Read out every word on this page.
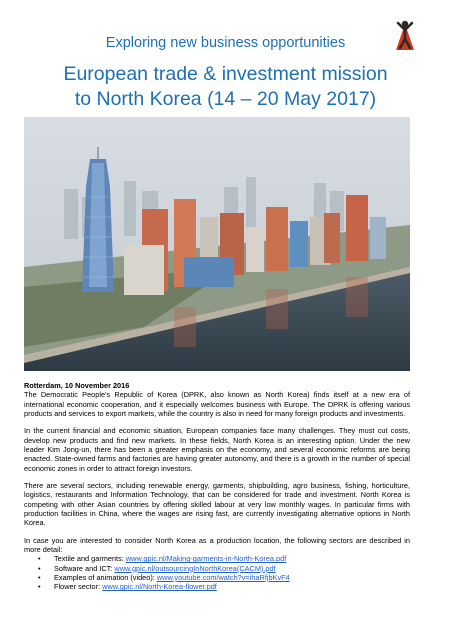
Exploring new business opportunities
European trade & investment mission
to North Korea (14 – 20 May 2017)

Rotterdam, 10 November 2016
The Democratic People’s Republic of Korea (DPRK, also known as North Korea) finds itself at a new era of international economic cooperation, and it especially welcomes business with Europe. The DPRK is offering various products and services to export markets, while the country is also in need for many foreign products and investments.

In the current financial and economic situation, European companies face many challenges. They must cut costs, develop new products and find new markets. In these fields, North Korea is an interesting option. Under the new leader Kim Jong-un, there has been a greater emphasis on the economy, and several economic reforms are being enacted. State-owned farms and factories are having greater autonomy, and there is a growth in the number of special economic zones in order to attract foreign investors.

There are several sectors, including renewable energy, garments, shipbuilding, agro business, fishing, horticulture, logistics, restaurants and Information Technology, that can be considered for trade and investment. North Korea is competing with other Asian countries by offering skilled labour at very low monthly wages. In particular firms with production facilities in China, where the wages are rising fast, are currently investigating alternative options in North Korea.

In case you are interested to consider North Korea as a production location, the following sectors are described in more detail:

• Textile and garments: www.gpic.nl/Making-garments-in-North-Korea.pdf
• Software and ICT: www.gpic.nl/outsourcingInNorthKorea(CACM).pdf
• Examples of animation (video): www.youtube.com/watch?v=ihaRfjbKvF4
• Flower sector: www.gpic.nl/North-Korea-flower.pdf
